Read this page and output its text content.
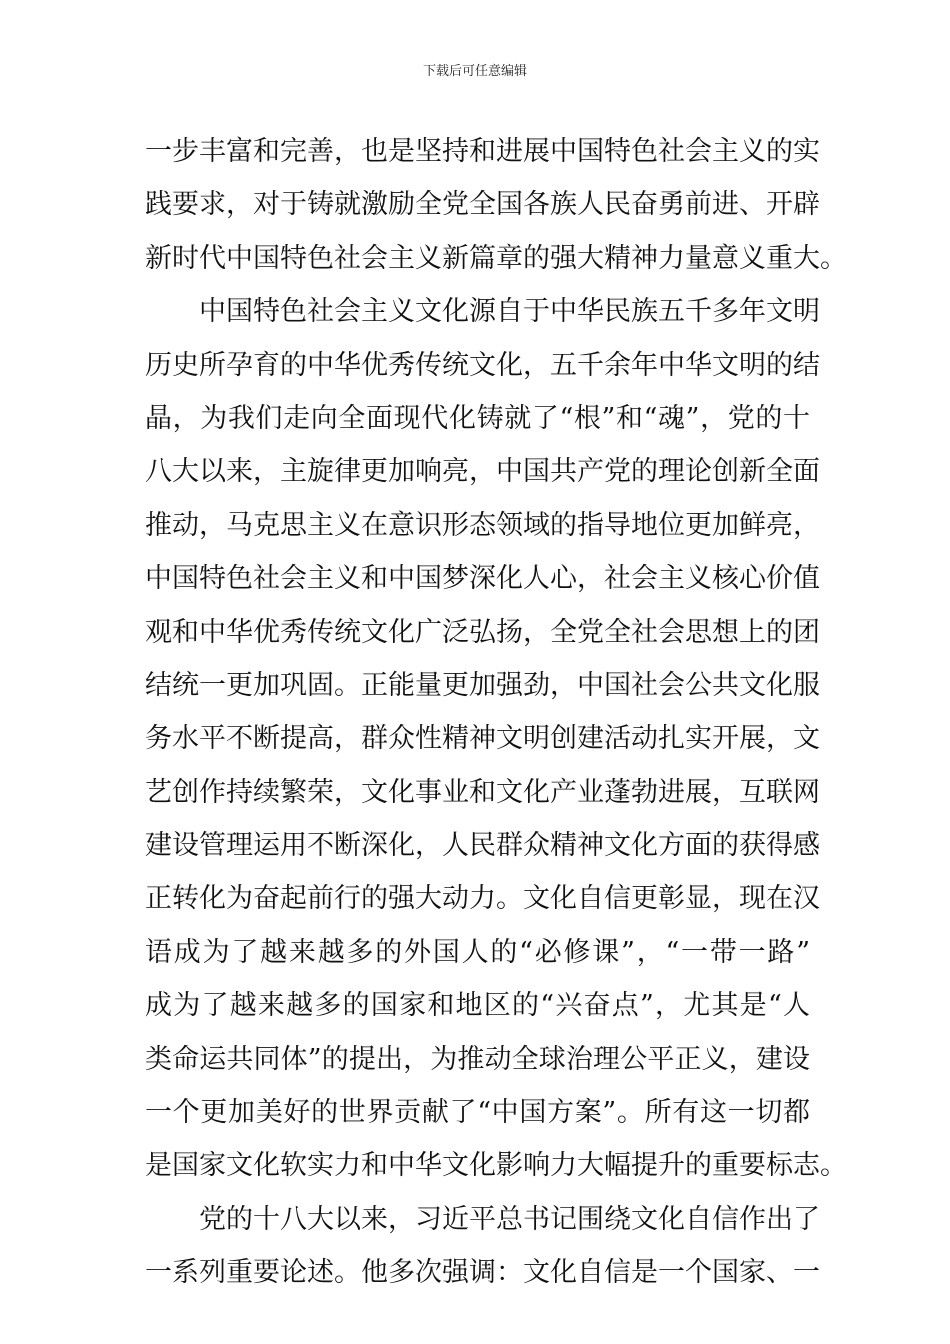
下载后可任意编辑
一步丰富和完善，也是坚持和进展中国特色社会主义的实
践要求，对于铸就激励全党全国各族人民奋勇前进、开辟
新时代中国特色社会主义新篇章的强大精神力量意义重大。
中国特色社会主义文化源自于中华民族五千多年文明
历史所孕育的中华优秀传统文化，五千余年中华文明的结
晶，为我们走向全面现代化铸就了“根”和“魂”，党的十
八大以来，主旋律更加响亮，中国共产党的理论创新全面
推动，马克思主义在意识形态领域的指导地位更加鲜亮，
中国特色社会主义和中国梦深化人心，社会主义核心价值
观和中华优秀传统文化广泛弘扬，全党全社会思想上的团
结统一更加巩固。正能量更加强劲，中国社会公共文化服
务水平不断提高，群众性精神文明创建活动扎实开展，文
艺创作持续繁荣，文化事业和文化产业蓬勃进展，互联网
建设管理运用不断深化，人民群众精神文化方面的获得感
正转化为奋起前行的强大动力。文化自信更彰显，现在汉
语成为了越来越多的外国人的“必修课”，“一带一路”
成为了越来越多的国家和地区的“兴奋点”，尤其是“人
类命运共同体”的提出，为推动全球治理公平正义，建设
一个更加美好的世界贡献了“中国方案”。所有这一切都
是国家文化软实力和中华文化影响力大幅提升的重要标志。
党的十八大以来，习近平总书记围绕文化自信作出了
一系列重要论述。他多次强调：文化自信是一个国家、一
